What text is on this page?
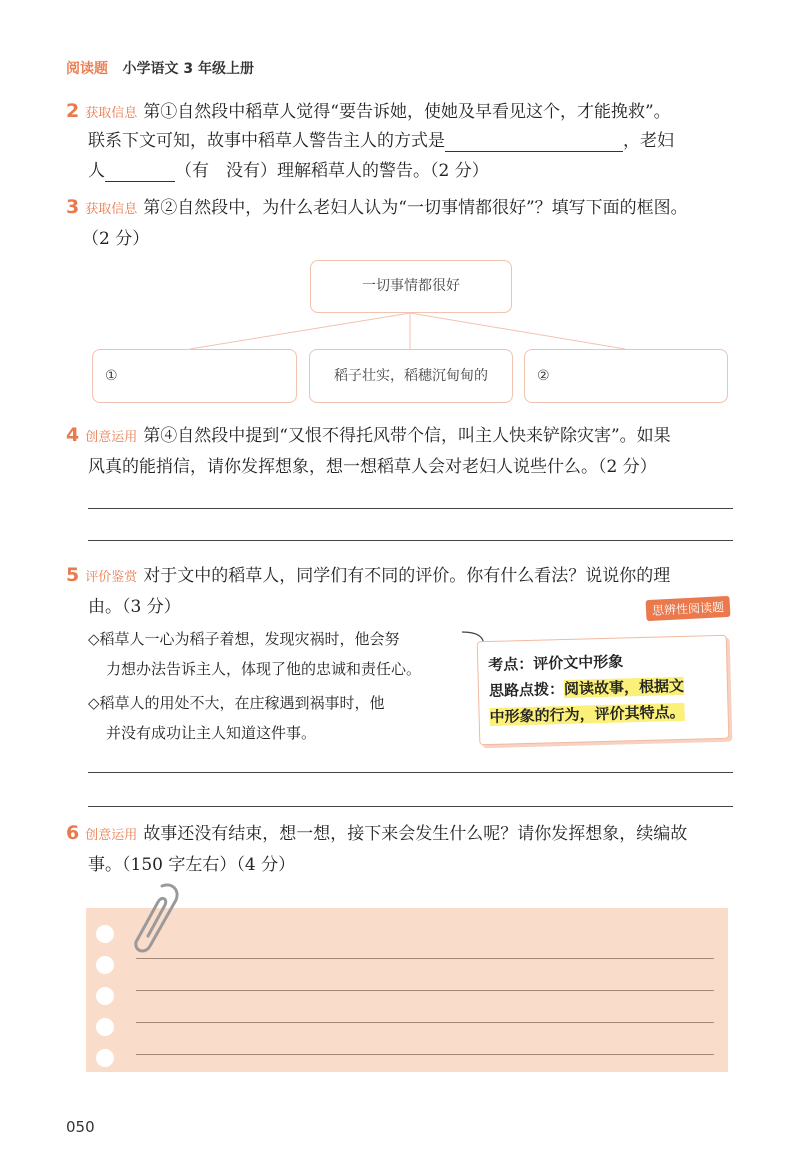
阅读题 小学语文 3 年级上册
2 获取信息 第①自然段中稻草人觉得“要告诉她，使她及早看见这个，才能挽救”。
联系下文可知，故事中稻草人警告主人的方式是	，老妇
人	（有　没有）理解稻草人的警告。（2 分）
3 获取信息 第②自然段中，为什么老妇人认为“一切事情都很好”？填写下面的框图。
（2 分）
一切事情都很好
①	稻子壮实，稻穗沉甸甸的	②
4 创意运用 第④自然段中提到“又恨不得托风带个信，叫主人快来铲除灾害”。如果
风真的能捎信，请你发挥想象，想一想稻草人会对老妇人说些什么。（2 分）
5 评价鉴赏 对于文中的稻草人，同学们有不同的评价。你有什么看法？说说你的理
由。（3 分）	思辨性阅读题
◇稻草人一心为稻子着想，发现灾祸时，他会努
力想办法告诉主人，体现了他的忠诚和责任心。
◇稻草人的用处不大，在庄稼遇到祸事时，他
并没有成功让主人知道这件事。
考点：评价文中形象
思路点拨：阅读故事，根据文
中形象的行为，评价其特点。
6 创意运用 故事还没有结束，想一想，接下来会发生什么呢？请你发挥想象，续编故
事。（150 字左右）（4 分）
050
